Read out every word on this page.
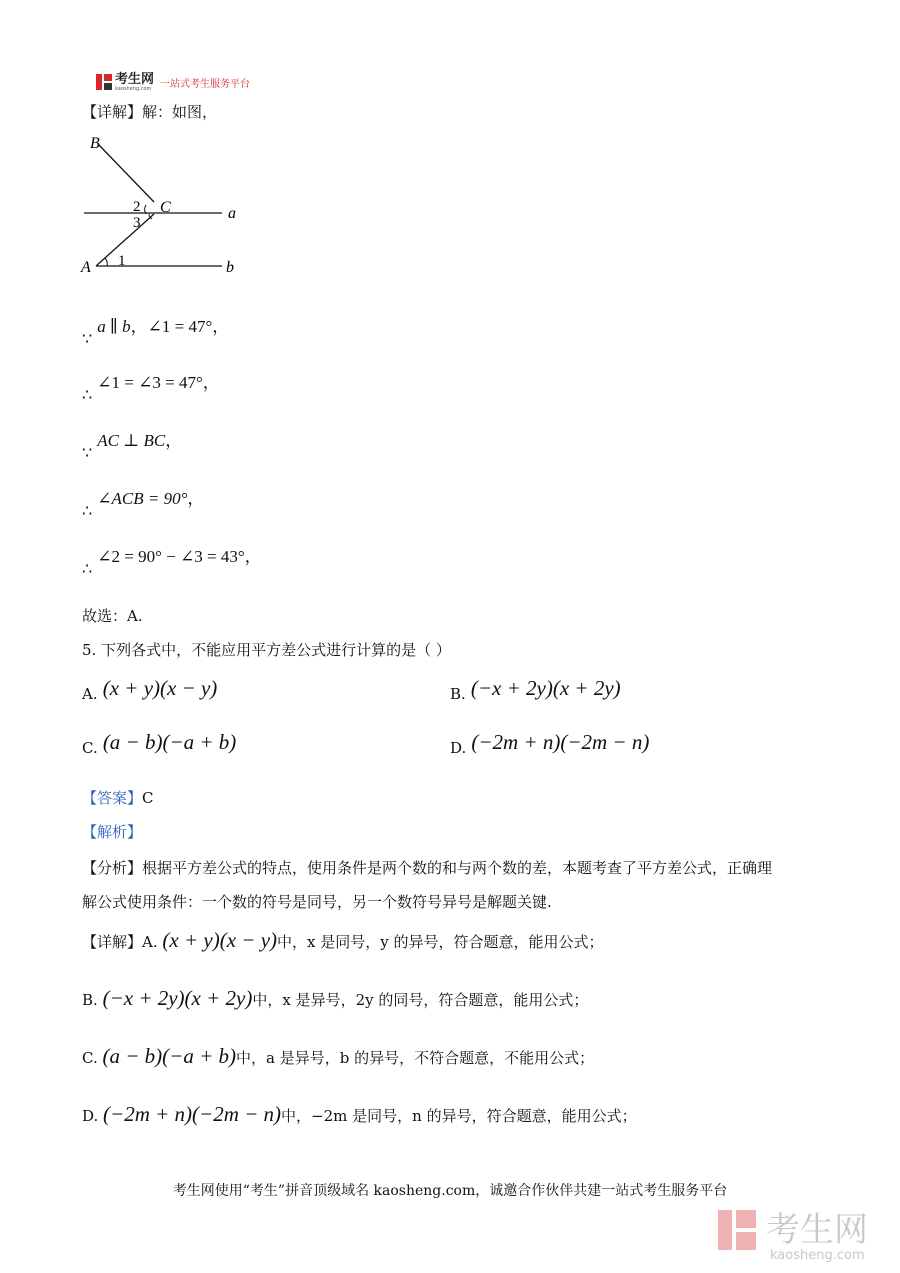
考生网
kaosheng.com 一站式考生服务平台
【详解】解：如图，
B
C	a
A	b
1
2
3
∵ a ∥ b，∠1 = 47°，
∴ ∠1 = ∠3 = 47°，
∵ AC ⊥ BC，
∴ ∠ACB = 90°，
∴ ∠2 = 90° − ∠3 = 43°，
故选：A.
5. 下列各式中，不能应用平方差公式进行计算的是（ ）
A. (x + y)(x − y)	B. (−x + 2y)(x + 2y)
C. (a − b)(−a + b)	D. (−2m + n)(−2m − n)
【答案】C
【解析】
【分析】根据平方差公式的特点，使用条件是两个数的和与两个数的差，本题考查了平方差公式，正确理
解公式使用条件：一个数的符号是同号，另一个数符号异号是解题关键.
【详解】A. (x + y)(x − y)中，x 是同号，y 的异号，符合题意，能用公式；
B. (−x + 2y)(x + 2y)中，x 是异号，2y 的同号，符合题意，能用公式；
C. (a − b)(−a + b)中，a 是异号，b 的异号，不符合题意，不能用公式；
D. (−2m + n)(−2m − n)中，−2m 是同号，n 的异号，符合题意，能用公式；
考生网使用“考生”拼音顶级域名 kaosheng.com，诚邀合作伙伴共建一站式考生服务平台
考生网
kaosheng.com
